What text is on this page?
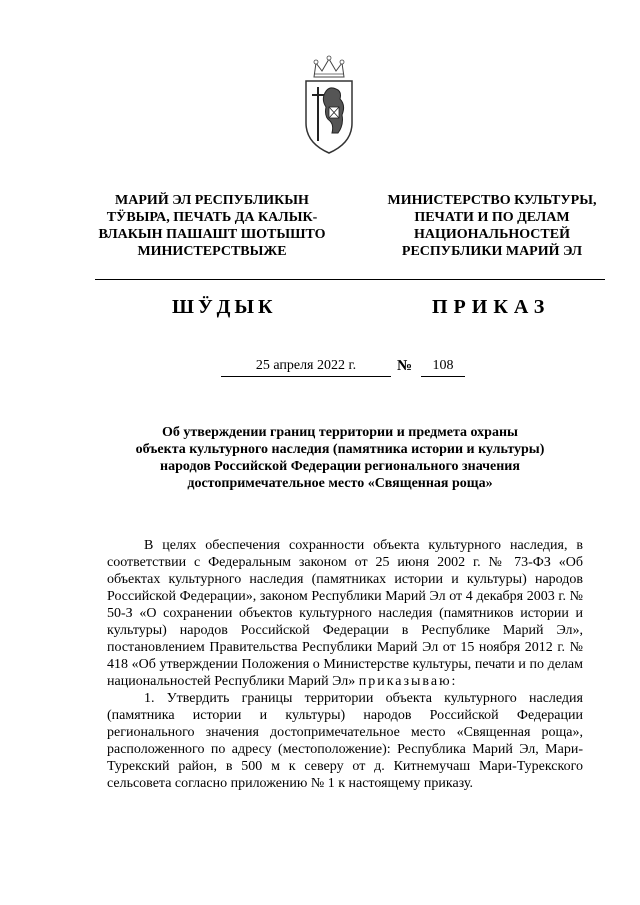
МАРИЙ ЭЛ РЕСПУБЛИКЫН
ТӰВЫРА, ПЕЧАТЬ ДА КАЛЫК-
ВЛАКЫН ПАШАШТ ШОТЫШТО
МИНИСТЕРСТВЫЖЕ
МИНИСТЕРСТВО КУЛЬТУРЫ,
ПЕЧАТИ И ПО ДЕЛАМ
НАЦИОНАЛЬНОСТЕЙ
РЕСПУБЛИКИ МАРИЙ ЭЛ
ШӰДЫК	ПРИКАЗ
25 апреля 2022 г.	№	108
Об утверждении границ территории и предмета охраны
объекта культурного наследия (памятника истории и культуры)
народов Российской Федерации регионального значения
достопримечательное место «Священная роща»

В целях обеспечения сохранности объекта культурного наследия, в соответствии с Федеральным законом от 25 июня 2002 г. № 73-ФЗ «Об объектах культурного наследия (памятниках истории и культуры) народов Российской Федерации», законом Республики Марий Эл от 4 декабря 2003 г. № 50-З «О сохранении объектов культурного наследия (памятников истории и культуры) народов Российской Федерации в Республике Марий Эл», постановлением Правительства Республики Марий Эл от 15 ноября 2012 г. № 418 «Об утверждении Положения о Министерстве культуры, печати и по делам национальностей Республики Марий Эл» приказываю:

1. Утвердить границы территории объекта культурного наследия (памятника истории и культуры) народов Российской Федерации регионального значения достопримечательное место «Священная роща», расположенного по адресу (местоположение): Республика Марий Эл, Мари-Турекский район, в 500 м к северу от д. Китнемучаш Мари-Турекского сельсовета согласно приложению № 1 к настоящему приказу.
